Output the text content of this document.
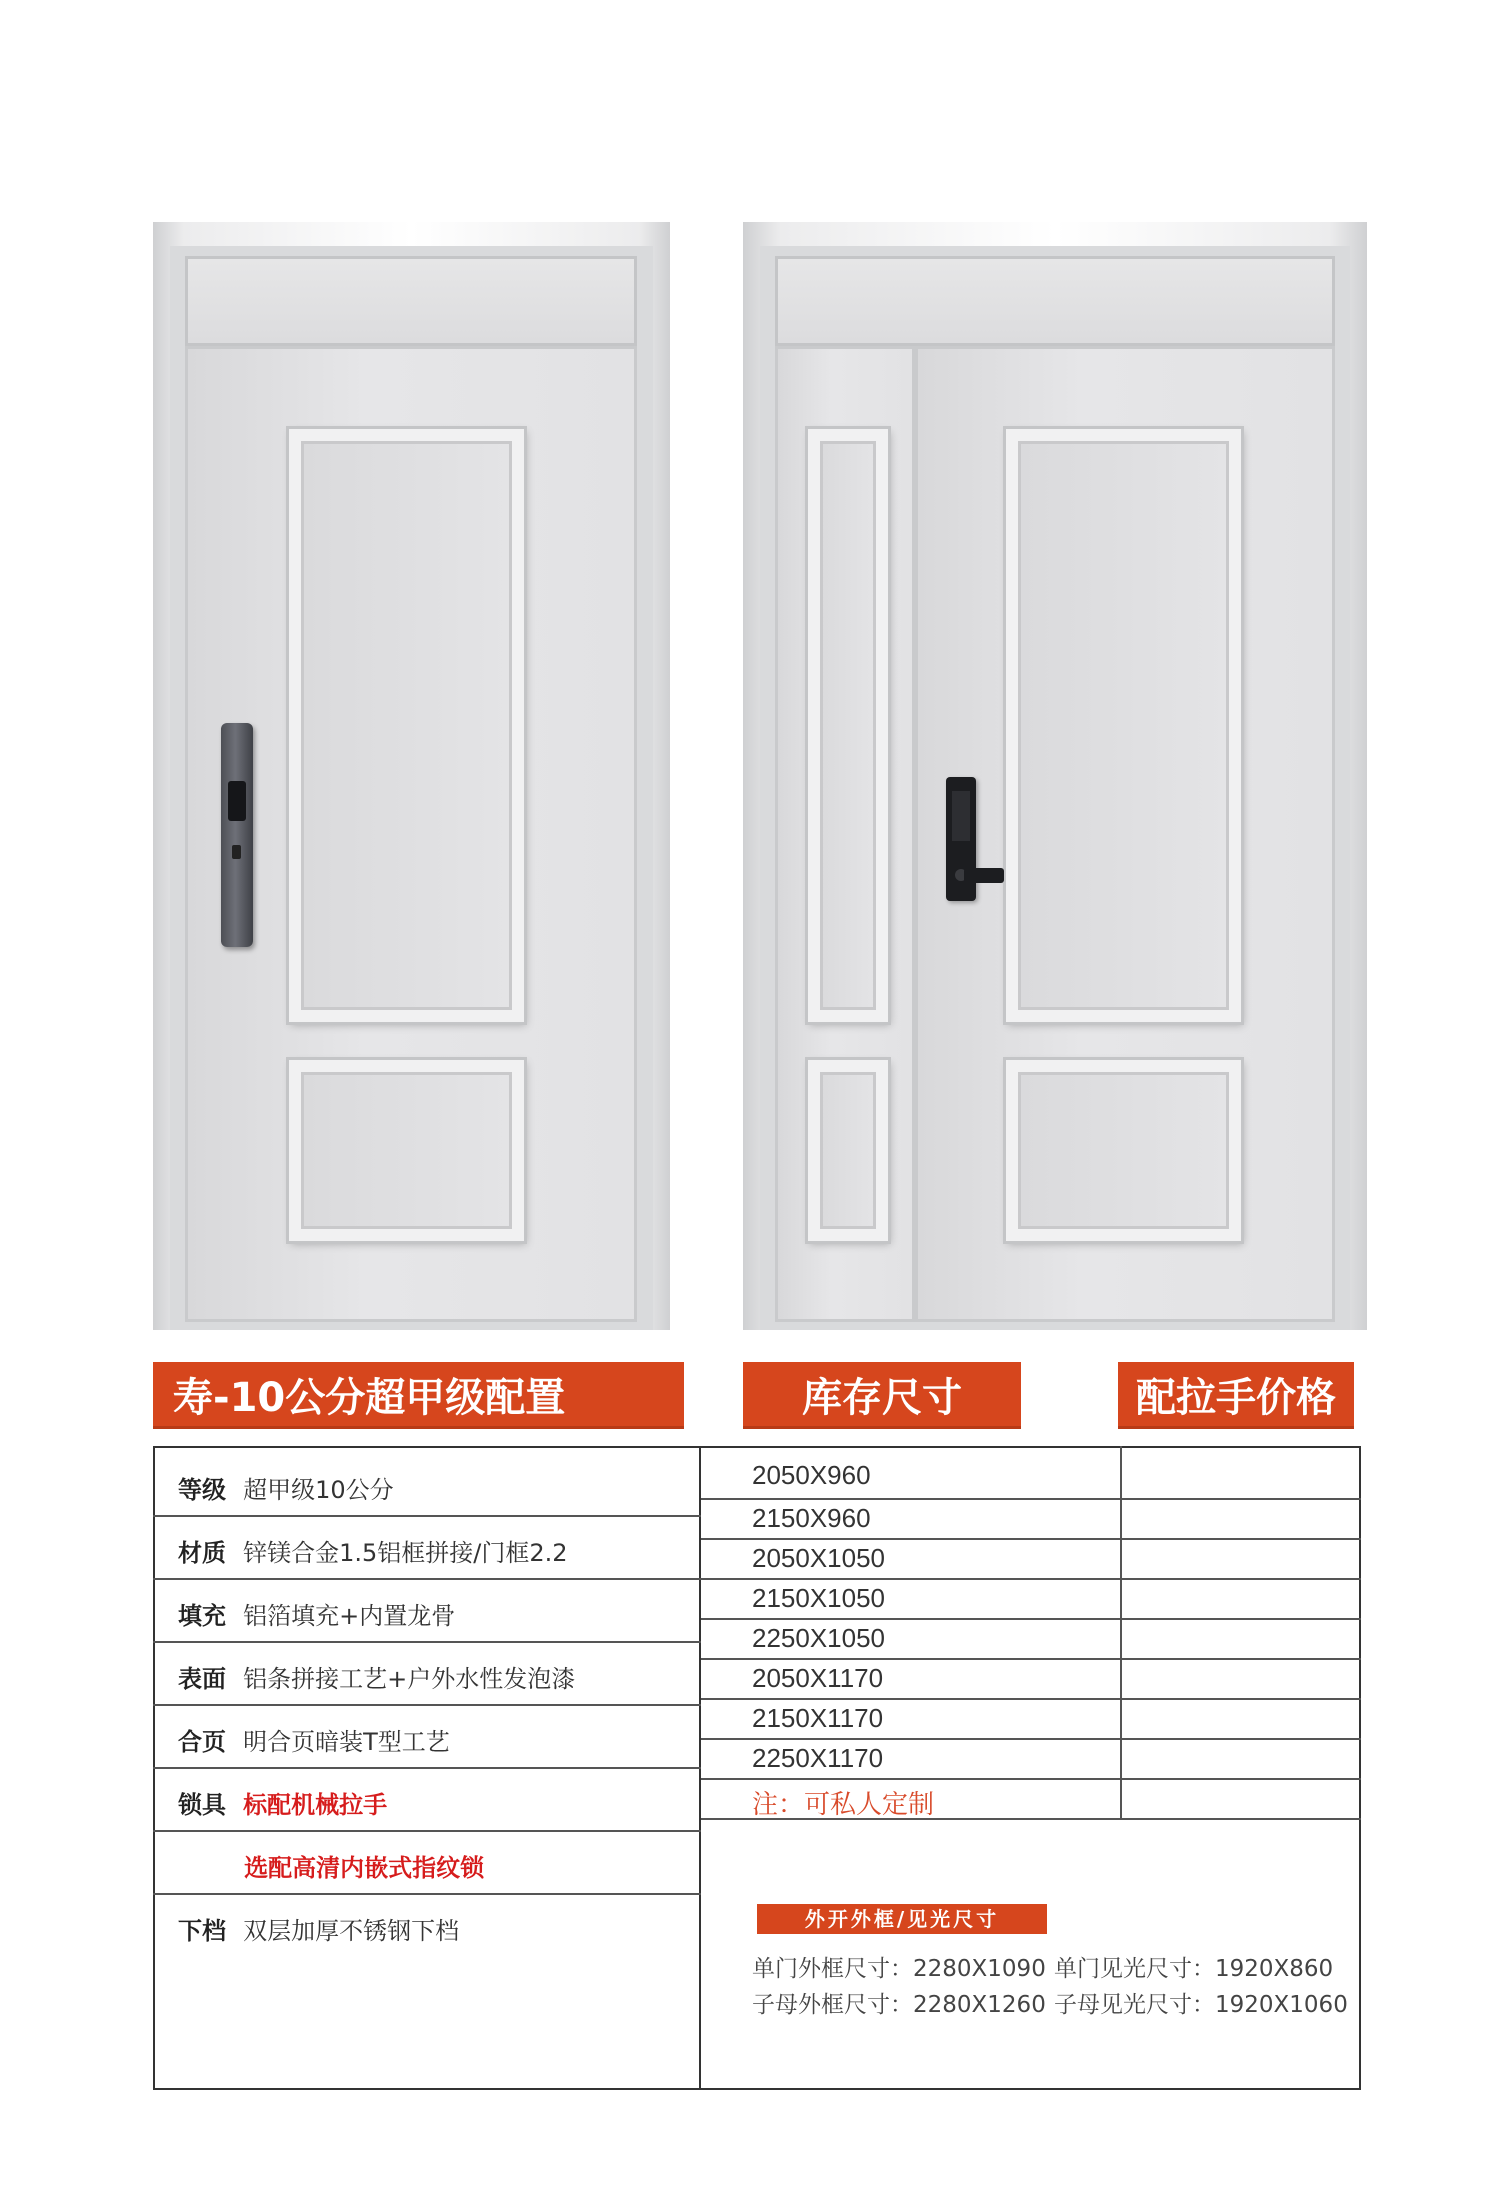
寿-10公分超甲级配置	库存尺寸	配拉手价格
等级 超甲级10公分
材质 锌镁合金1.5铝框拼接/门框2.2
填充 铝箔填充+内置龙骨
表面 铝条拼接工艺+户外水性发泡漆
合页 明合页暗装T型工艺
锁具 标配机械拉手
选配高清内嵌式指纹锁
下档 双层加厚不锈钢下档
2050X960
2150X960
2050X1050
2150X1050
2250X1050
2050X1170
2150X1170
2250X1170
注：可私人定制
外开外框/见光尺寸
单门外框尺寸：2280X1090 单门见光尺寸：1920X860
子母外框尺寸：2280X1260 子母见光尺寸：1920X1060
